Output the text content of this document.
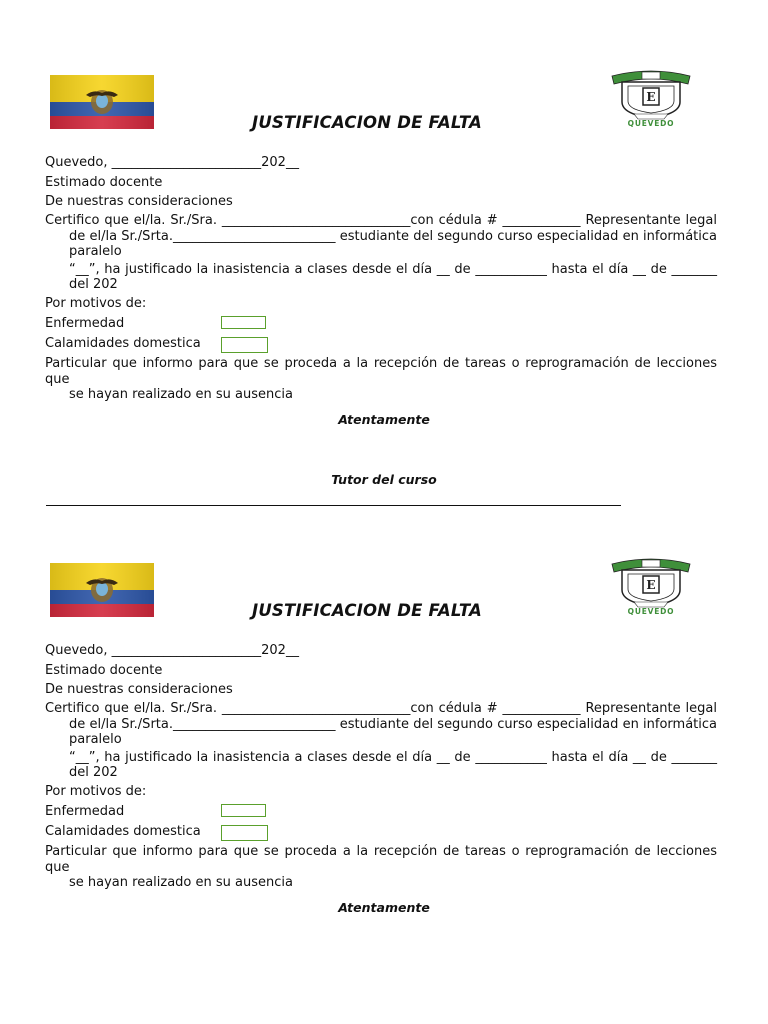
E
QUEVEDO
JUSTIFICACION DE FALTA
Quevedo, _______________________202__
Estimado docente
De nuestras consideraciones
Certifico que el/la. Sr./Sra. _____________________________con cédula # ____________ Representante legal
de el/la Sr./Srta._________________________ estudiante del segundo curso especialidad en informática
paralelo
“__”, ha justificado la inasistencia a clases desde el día __ de ___________ hasta el día __ de _______
del 202
Por motivos de:
Enfermedad
Calamidades domestica
Particular que informo para que se proceda a la recepción de tareas o reprogramación de lecciones que
se hayan realizado en su ausencia
Atentamente
Tutor del curso
E
QUEVEDO
JUSTIFICACION DE FALTA
Quevedo, _______________________202__
Estimado docente
De nuestras consideraciones
Certifico que el/la. Sr./Sra. _____________________________con cédula # ____________ Representante legal
de el/la Sr./Srta._________________________ estudiante del segundo curso especialidad en informática
paralelo
“__”, ha justificado la inasistencia a clases desde el día __ de ___________ hasta el día __ de _______
del 202
Por motivos de:
Enfermedad
Calamidades domestica
Particular que informo para que se proceda a la recepción de tareas o reprogramación de lecciones que
se hayan realizado en su ausencia
Atentamente
